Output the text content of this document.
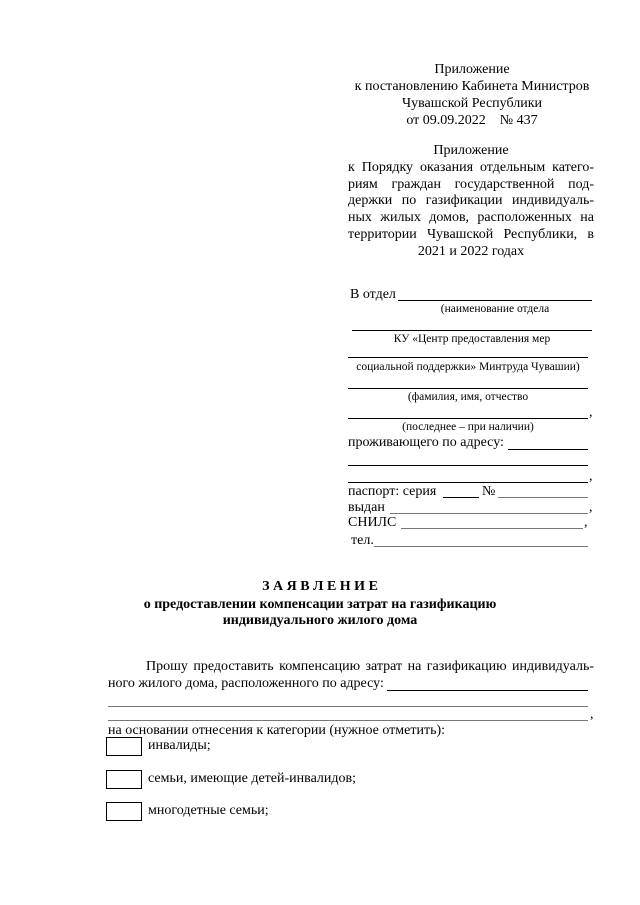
Приложение
к постановлению Кабинета Министров
Чувашской Республики
от 09.09.2022    № 437
Приложение
к Порядку оказания отдельным катего-
риям граждан государственной под-
держки по газификации индивидуаль-
ных жилых домов, расположенных на
территории Чувашской Республики, в
2021 и 2022 годах
В отдел
(наименование отдела
КУ «Центр предоставления мер
социальной поддержки» Минтруда Чувашии)
(фамилия, имя, отчество
,
(последнее – при наличии)
проживающего по адресу:
,
паспорт: серия	№
выдан	,
СНИЛС	,
тел.
З А Я В Л Е Н И Е
о предоставлении компенсации затрат на газификацию
индивидуального жилого дома
Прошу предоставить компенсацию затрат на газификацию индивидуаль-
ного жилого дома, расположенного по адресу:
,
на основании отнесения к категории (нужное отметить):
инвалиды;
семьи, имеющие детей-инвалидов;
многодетные семьи;
